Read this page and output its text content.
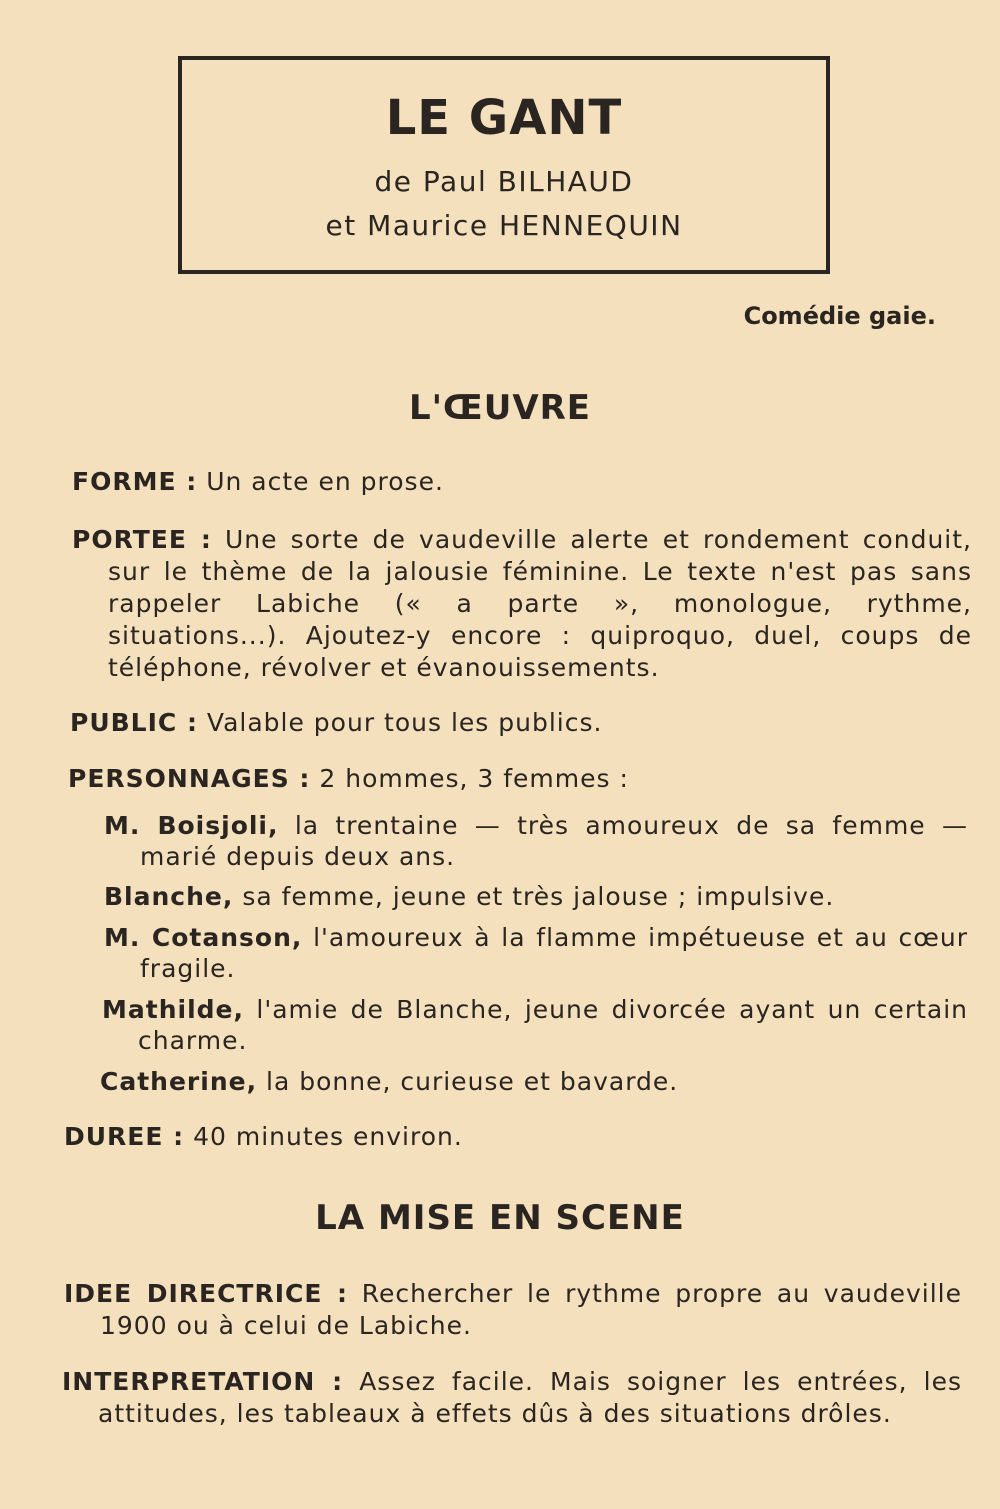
LE GANT
de Paul BILHAUD
et Maurice HENNEQUIN
Comédie gaie.
L'ŒUVRE
FORME : Un acte en prose.
PORTEE : Une sorte de vaudeville alerte et rondement conduit, sur le thème de la jalousie féminine. Le texte n'est pas sans rappeler Labiche (« a parte », monologue, rythme, situations...). Ajoutez-y encore : quiproquo, duel, coups de téléphone, révolver et évanouissements.
PUBLIC : Valable pour tous les publics.
PERSONNAGES : 2 hommes, 3 femmes :
M. Boisjoli, la trentaine — très amoureux de sa femme — marié depuis deux ans.
Blanche, sa femme, jeune et très jalouse ; impulsive.
M. Cotanson, l'amoureux à la flamme impétueuse et au cœur fragile.
Mathilde, l'amie de Blanche, jeune divorcée ayant un certain charme.
Catherine, la bonne, curieuse et bavarde.
DUREE : 40 minutes environ.
LA MISE EN SCENE
IDEE DIRECTRICE : Rechercher le rythme propre au vaudeville 1900 ou à celui de Labiche.
INTERPRETATION : Assez facile. Mais soigner les entrées, les attitudes, les tableaux à effets dûs à des situations drôles.
